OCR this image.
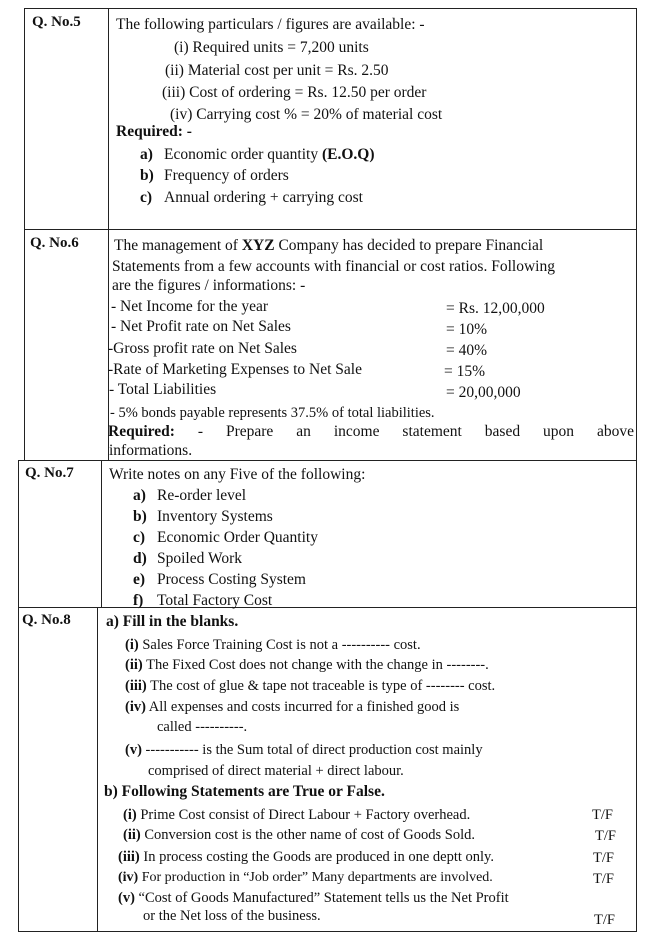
Q. No.5 The following particulars / figures are available: -
(i) Required units = 7,200 units
(ii) Material cost per unit = Rs. 2.50
(iii) Cost of ordering = Rs. 12.50 per order
(iv) Carrying cost % = 20% of material cost
Required: -
a) Economic order quantity (E.O.Q)
b) Frequency of orders
c) Annual ordering + carrying cost
Q. No.6 The management of XYZ Company has decided to prepare Financial
Statements from a few accounts with financial or cost ratios. Following
are the figures / informations: -
- Net Income for the year	= Rs. 12,00,000
- Net Profit rate on Net Sales	= 10%
-Gross profit rate on Net Sales	= 40%
-Rate of Marketing Expenses to Net Sale	= 15%
- Total Liabilities	= 20,00,000
- 5% bonds payable represents 37.5% of total liabilities.
Required: - Prepare an income statement based upon above
informations.
Q. No.7 Write notes on any Five of the following:
a) Re-order level
b) Inventory Systems
c) Economic Order Quantity
d) Spoiled Work
e) Process Costing System
f) Total Factory Cost
Q. No.8 a) Fill in the blanks.
(i) Sales Force Training Cost is not a ---------- cost.
(ii) The Fixed Cost does not change with the change in --------.
(iii) The cost of glue & tape not traceable is type of -------- cost.
(iv) All expenses and costs incurred for a finished good is
called ----------.
(v) ----------- is the Sum total of direct production cost mainly
comprised of direct material + direct labour.
b) Following Statements are True or False.
(i) Prime Cost consist of Direct Labour + Factory overhead.	T/F
(ii) Conversion cost is the other name of cost of Goods Sold.	T/F
(iii) In process costing the Goods are produced in one deptt only.	T/F
(iv) For production in “Job order” Many departments are involved.	T/F
(v) “Cost of Goods Manufactured” Statement tells us the Net Profit
or the Net loss of the business.	T/F
